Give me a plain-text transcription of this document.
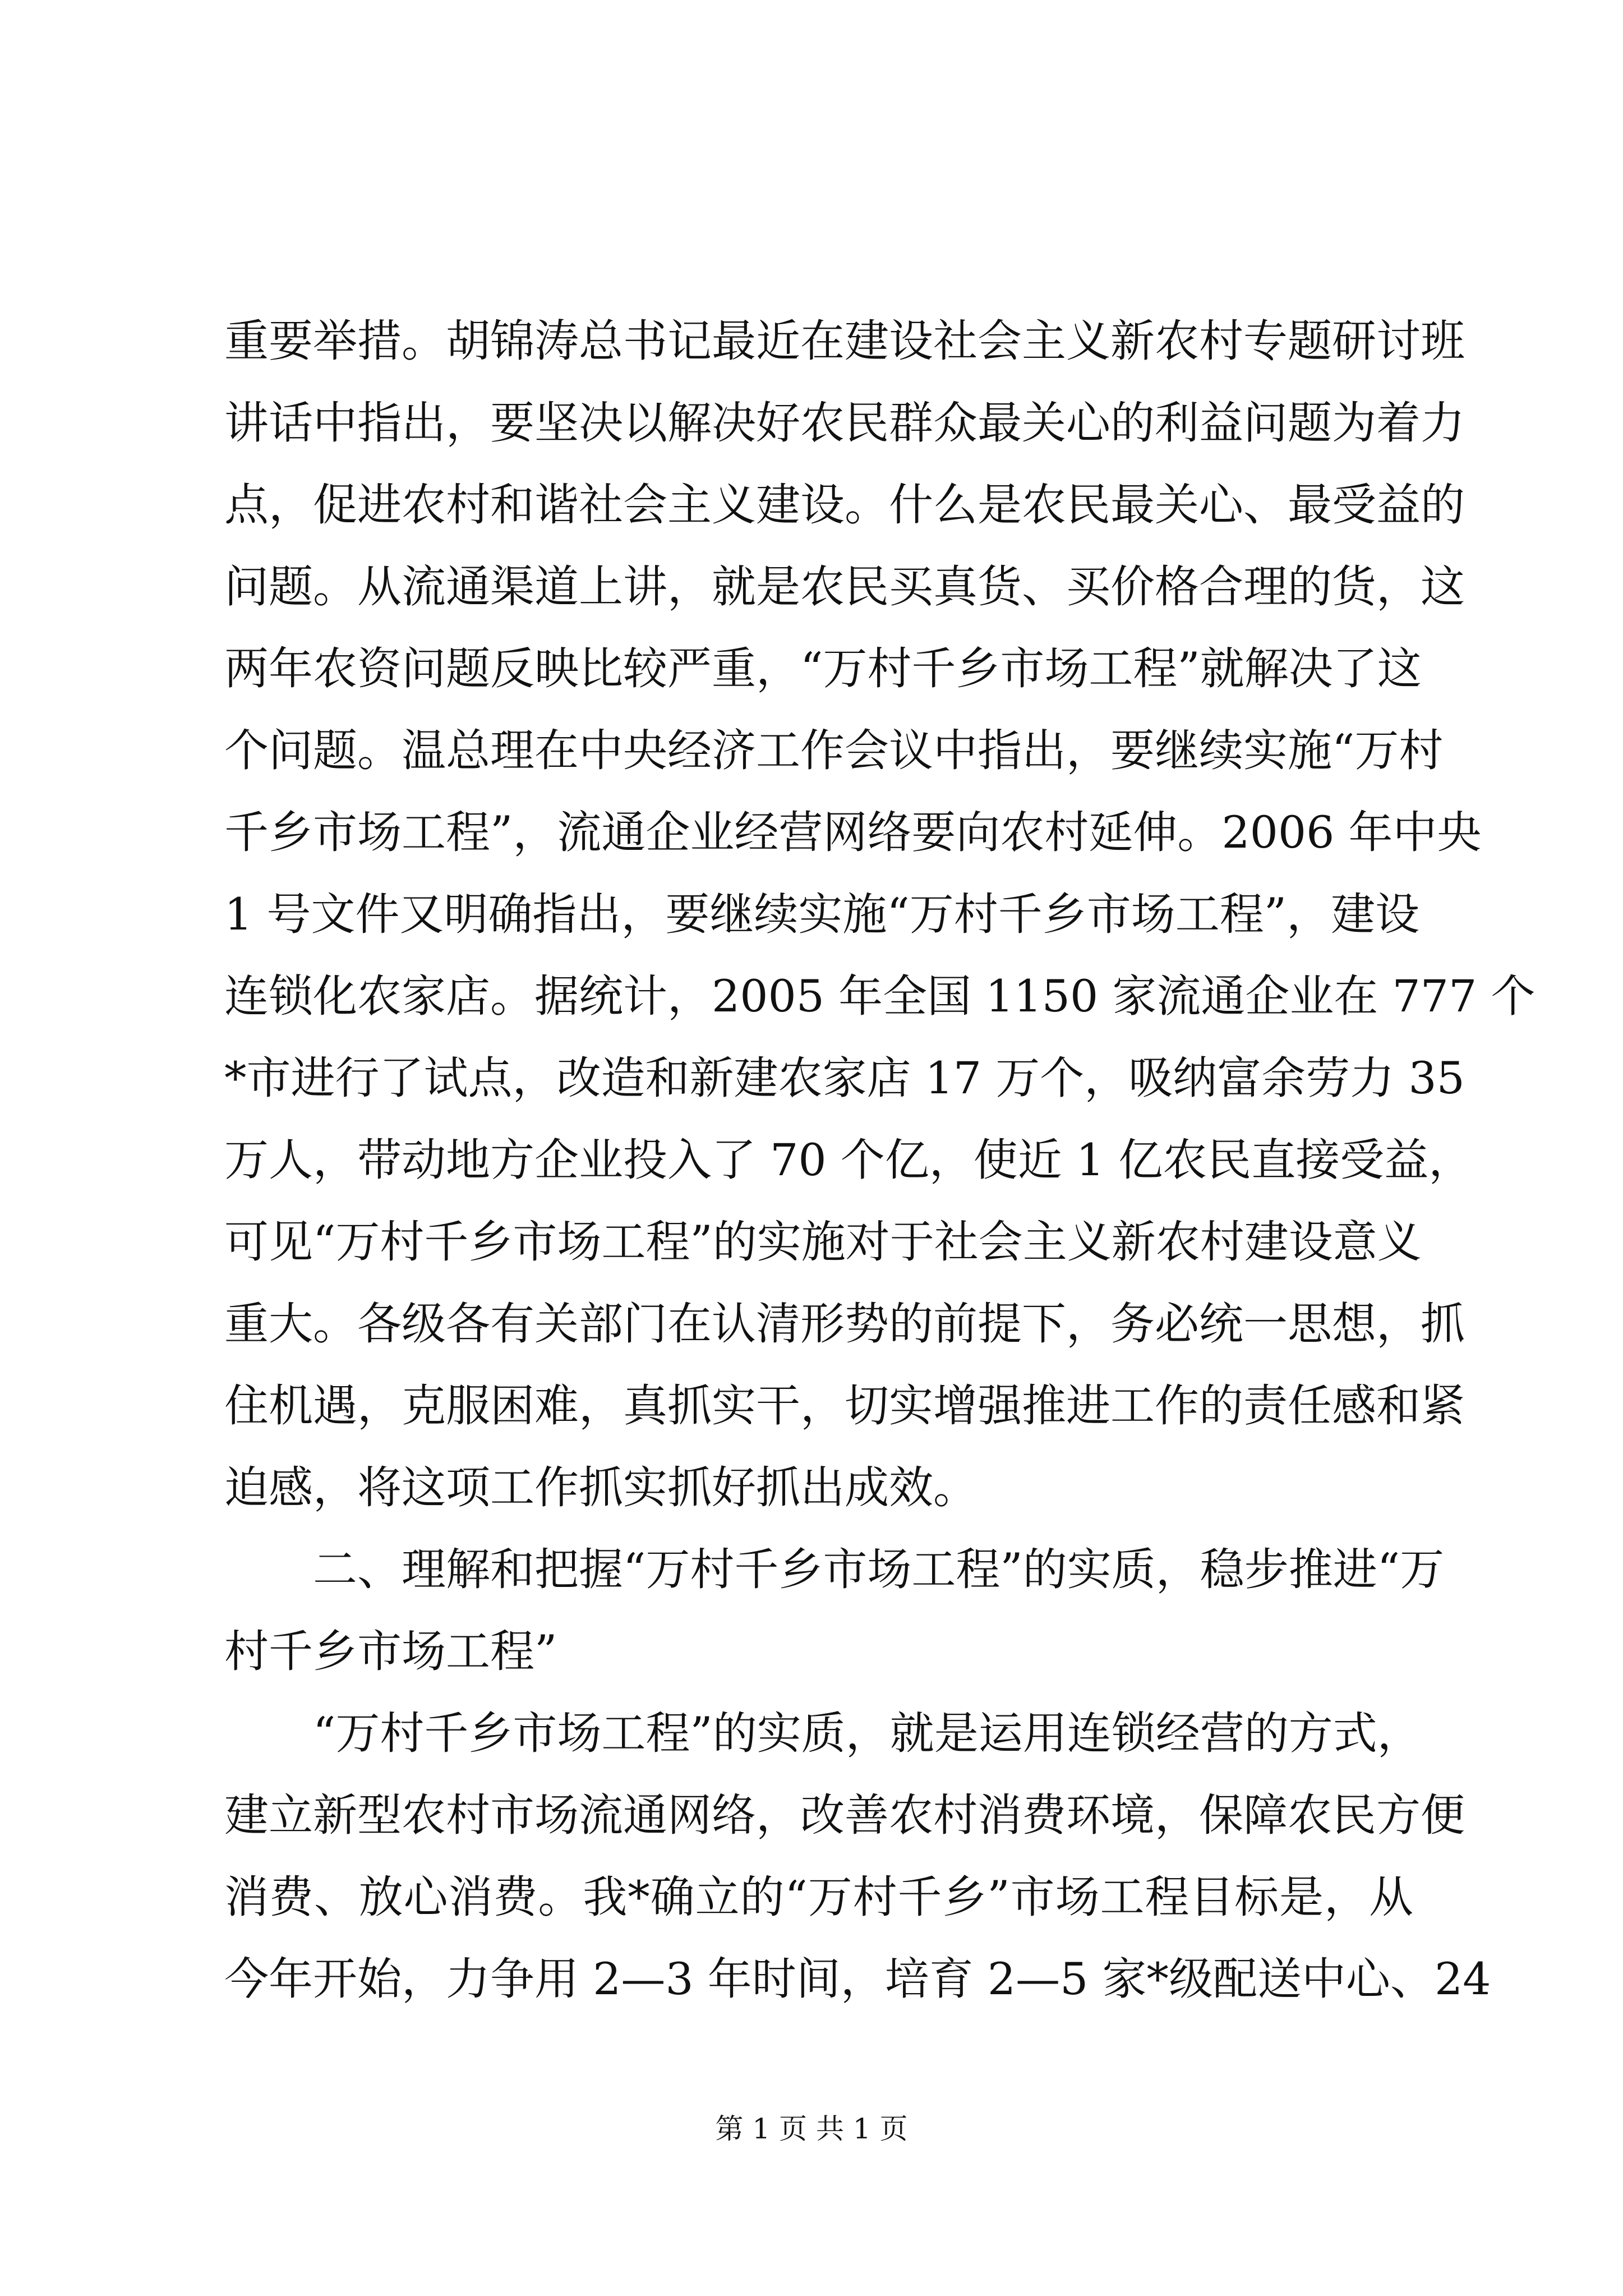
重要举措。胡锦涛总书记最近在建设社会主义新农村专题研讨班
讲话中指出，要坚决以解决好农民群众最关心的利益问题为着力
点，促进农村和谐社会主义建设。什么是农民最关心、最受益的
问题。从流通渠道上讲，就是农民买真货、买价格合理的货，这
两年农资问题反映比较严重，“万村千乡市场工程”就解决了这
个问题。温总理在中央经济工作会议中指出，要继续实施“万村
千乡市场工程”，流通企业经营网络要向农村延伸。2006 年中央
1 号文件又明确指出，要继续实施“万村千乡市场工程”，建设
连锁化农家店。据统计，2005 年全国 1150 家流通企业在 777 个
*市进行了试点，改造和新建农家店 17 万个，吸纳富余劳力 35
万人，带动地方企业投入了 70 个亿，使近 1 亿农民直接受益，
可见“万村千乡市场工程”的实施对于社会主义新农村建设意义
重大。各级各有关部门在认清形势的前提下，务必统一思想，抓
住机遇，克服困难，真抓实干，切实增强推进工作的责任感和紧
迫感，将这项工作抓实抓好抓出成效。
二、理解和把握“万村千乡市场工程”的实质，稳步推进“万
村千乡市场工程”
“万村千乡市场工程”的实质，就是运用连锁经营的方式，
建立新型农村市场流通网络，改善农村消费环境，保障农民方便
消费、放心消费。我*确立的“万村千乡”市场工程目标是，从
今年开始，力争用 2—3 年时间，培育 2—5 家*级配送中心、24
第 1 页 共 1 页
